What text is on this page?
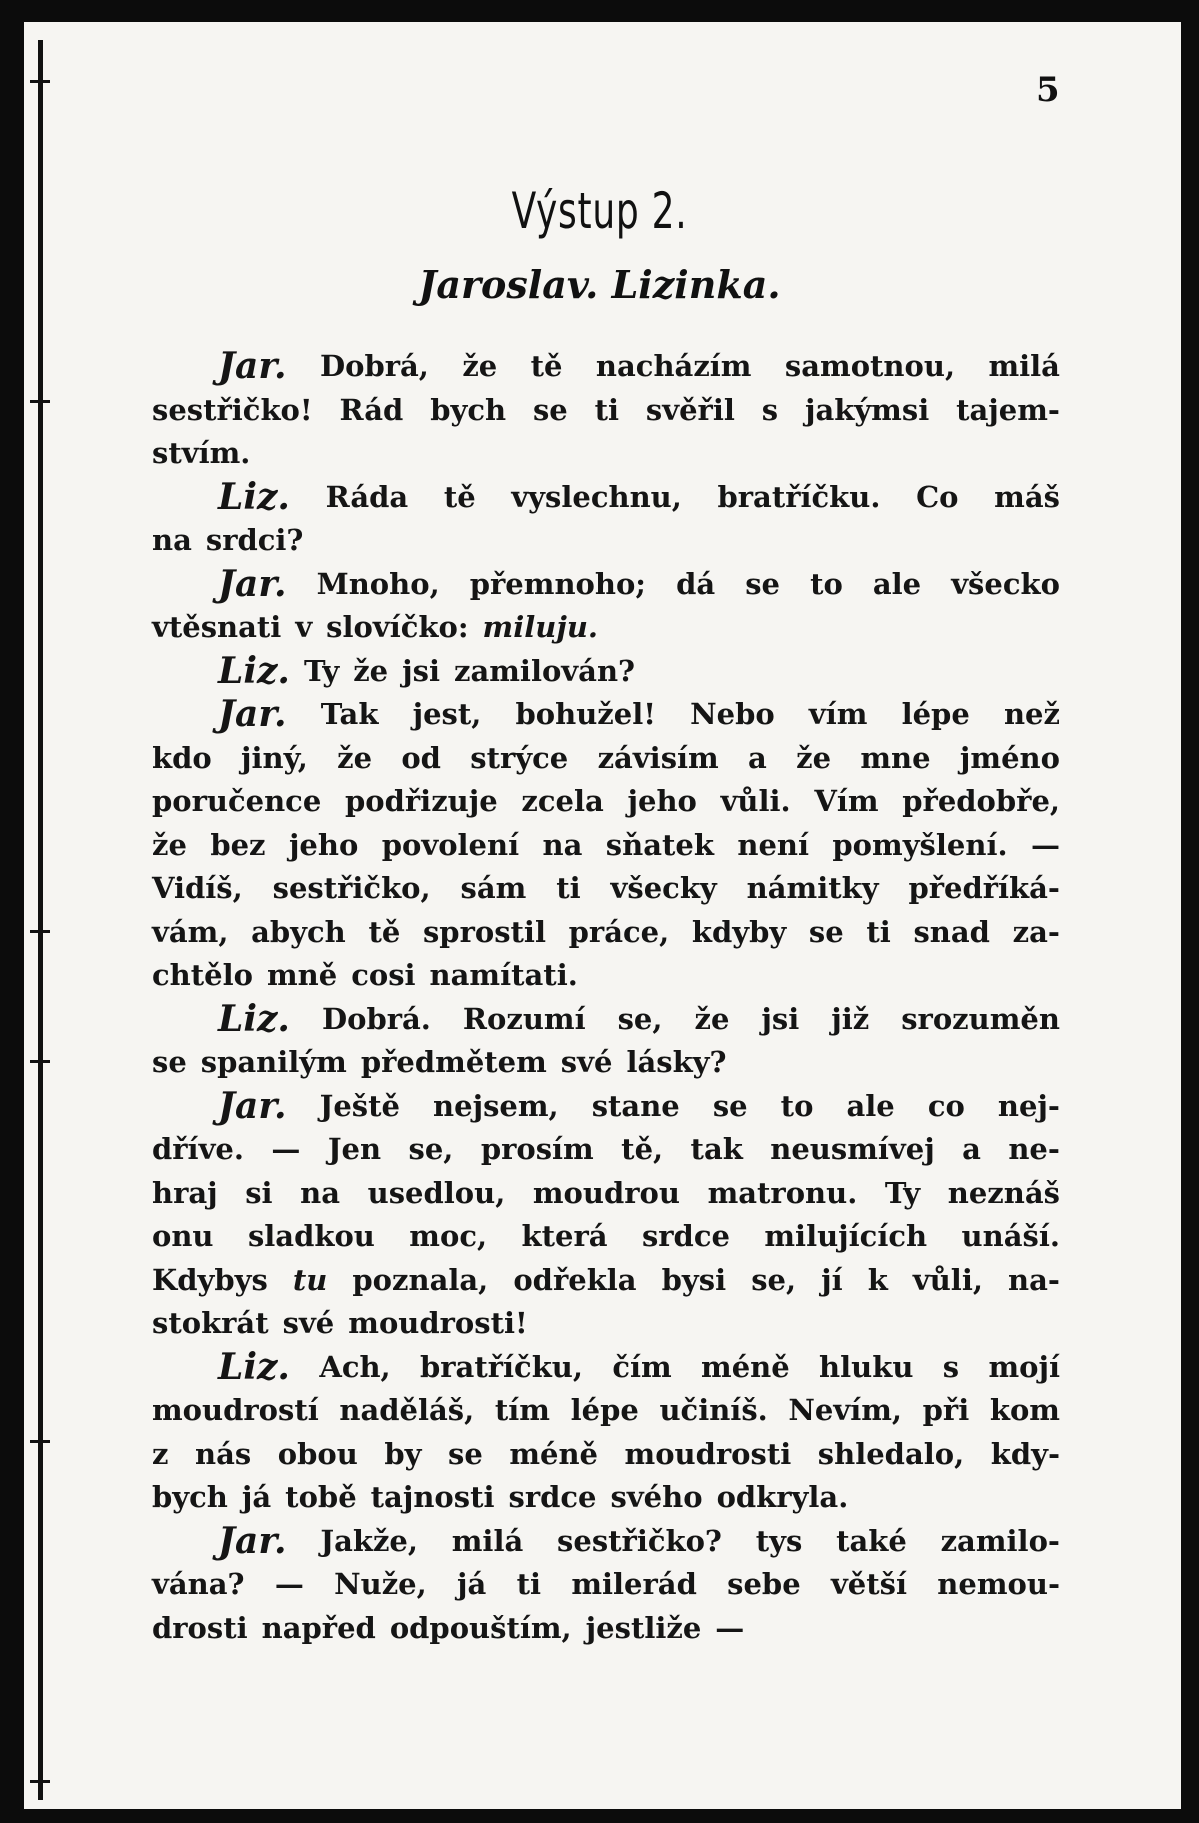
5
Výstup 2.
Jaroslav. Lizinka.
Jar. Dobrá, že tě nacházím samotnou, milá
sestřičko! Rád bych se ti svěřil s jakýmsi tajem-
stvím.
Liz. Ráda tě vyslechnu, bratříčku. Co máš
na srdci?
Jar. Mnoho, přemnoho; dá se to ale všecko
vtěsnati v slovíčko: miluju.
Liz. Ty že jsi zamilován?
Jar. Tak jest, bohužel! Nebo vím lépe než
kdo jiný, že od strýce závisím a že mne jméno
poručence podřizuje zcela jeho vůli. Vím předobře,
že bez jeho povolení na sňatek není pomyšlení. —
Vidíš, sestřičko, sám ti všecky námitky předříká-
vám, abych tě sprostil práce, kdyby se ti snad za-
chtělo mně cosi namítati.
Liz. Dobrá. Rozumí se, že jsi již srozuměn
se spanilým předmětem své lásky?
Jar. Ještě nejsem, stane se to ale co nej-
dříve. — Jen se, prosím tě, tak neusmívej a ne-
hraj si na usedlou, moudrou matronu. Ty neznáš
onu sladkou moc, která srdce milujících unáší.
Kdybys tu poznala, odřekla bysi se, jí k vůli, na-
stokrát své moudrosti!
Liz. Ach, bratříčku, čím méně hluku s mojí
moudrostí naděláš, tím lépe učiníš. Nevím, při kom
z nás obou by se méně moudrosti shledalo, kdy-
bych já tobě tajnosti srdce svého odkryla.
Jar. Jakže, milá sestřičko? tys také zamilo-
vána? — Nuže, já ti milerád sebe větší nemou-
drosti napřed odpouštím, jestliže —
